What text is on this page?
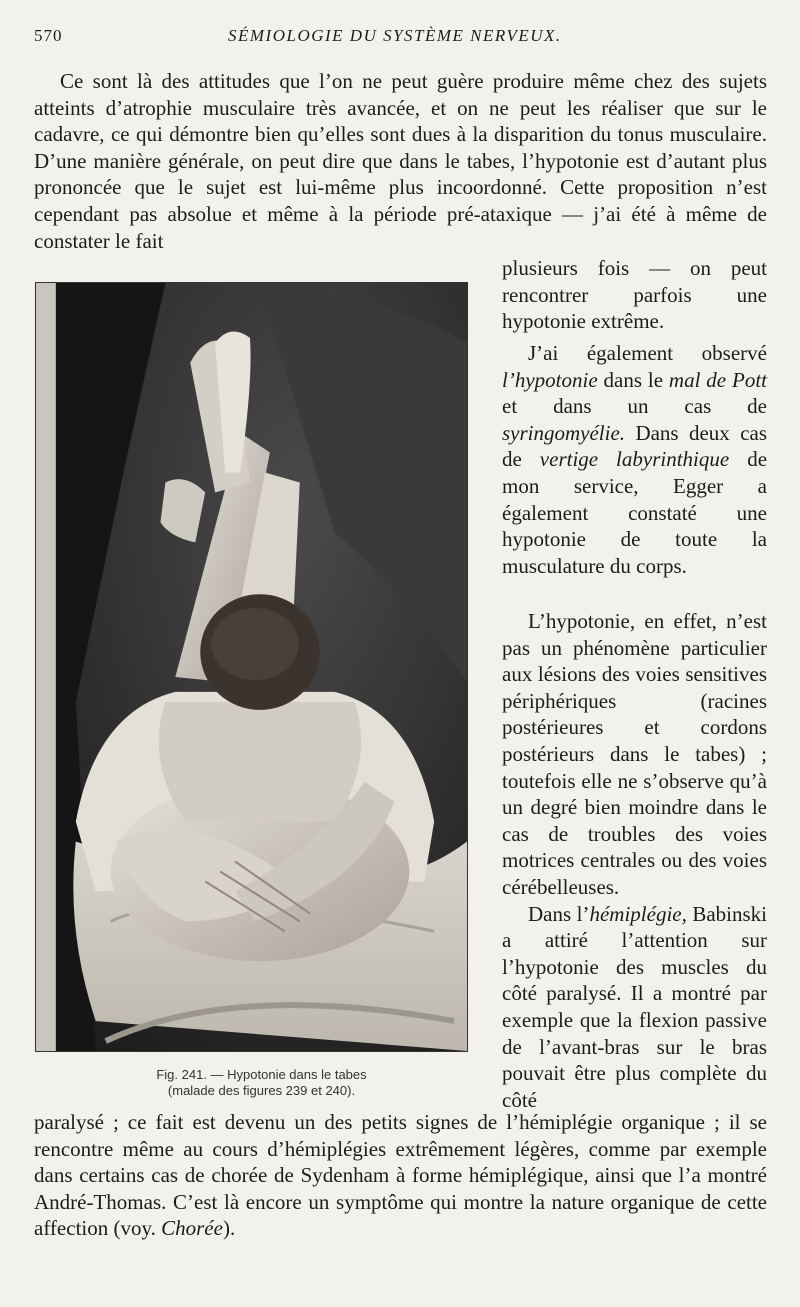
570	SÉMIOLOGIE DU SYSTÈME NERVEUX.

Ce sont là des attitudes que l’on ne peut guère produire même chez des sujets atteints d’atrophie musculaire très avancée, et on ne peut les réaliser que sur le cadavre, ce qui démontre bien qu’elles sont dues à la disparition du tonus musculaire. D’une manière générale, on peut dire que dans le tabes, l’hypotonie est d’autant plus prononcée que le sujet est lui-même plus incoordonné. Cette proposition n’est cependant pas absolue et même à la période pré-ataxique — j’ai été à même de constater le fait

plusieurs fois — on peut rencontrer parfois une hypotonie extrême.

J’ai également observé l’hypotonie dans le mal de Pott et dans un cas de syringomyélie. Dans deux cas de vertige labyrinthique de mon service, Egger a également constaté une hypotonie de toute la musculature du corps.

L’hypotonie, en effet, n’est pas un phénomène particulier aux lésions des voies sensitives périphériques (racines postérieures et cordons postérieurs dans le tabes) ; toutefois elle ne s’observe qu’à un degré bien moindre dans le cas de troubles des voies motrices centrales ou des voies cérébelleuses.

Dans l’hémiplégie, Babinski a attiré l’attention sur l’hypotonie des muscles du côté paralysé. Il a montré par exemple que la flexion passive de l’avant-bras sur le bras pouvait être plus complète du côté

paralysé ; ce fait est devenu un des petits signes de l’hémiplégie organique ; il se rencontre même au cours d’hémiplégies extrêmement légères, comme par exemple dans certains cas de chorée de Sydenham à forme hémiplégique, ainsi que l’a montré André-Thomas. C’est là encore un symptôme qui montre la nature organique de cette affection (voy. Chorée).

Fig. 241. — Hypotonie dans le tabes
(malade des figures 239 et 240).
